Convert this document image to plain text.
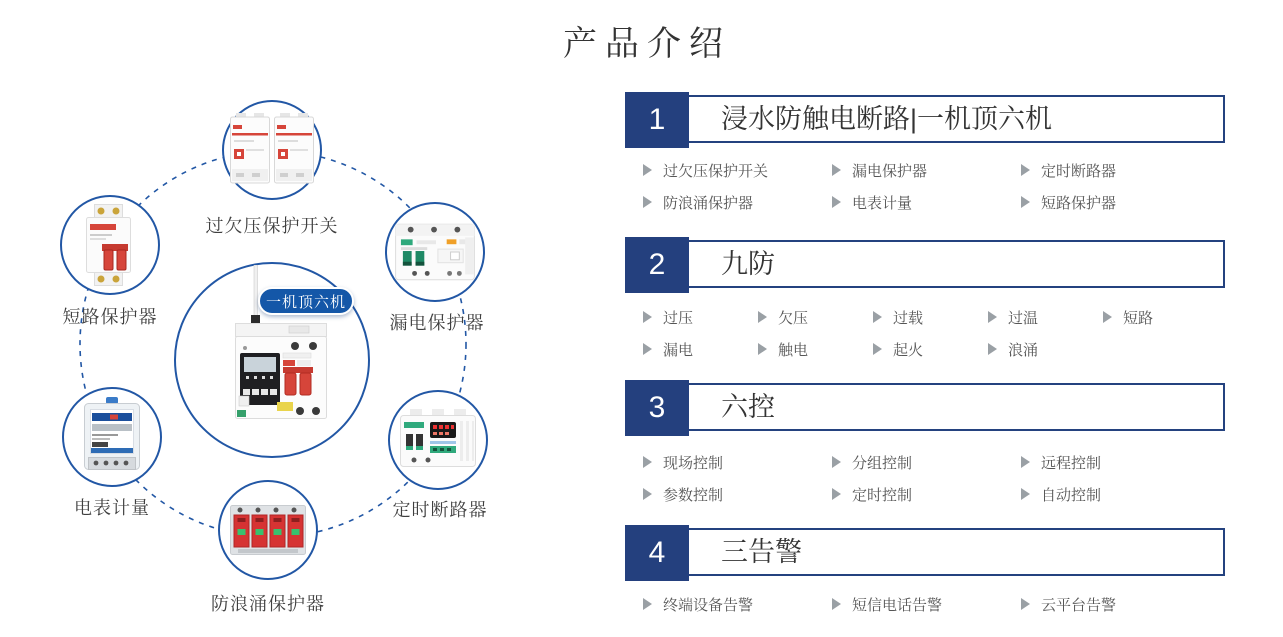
产品介绍
过欠压保护开关
短路保护器	漏电保护器
电表计量	定时断路器
防浪涌保护器
一机顶六机
1	浸水防触电断路|一机顶六机
过欠压保护开关	漏电保护器	定时断路器
防浪涌保护器	电表计量	短路保护器
2	九防
过压	欠压	过载	过温	短路
漏电	触电	起火	浪涌
3	六控
现场控制	分组控制	远程控制
参数控制	定时控制	自动控制
4	三告警
终端设备告警	短信电话告警	云平台告警
